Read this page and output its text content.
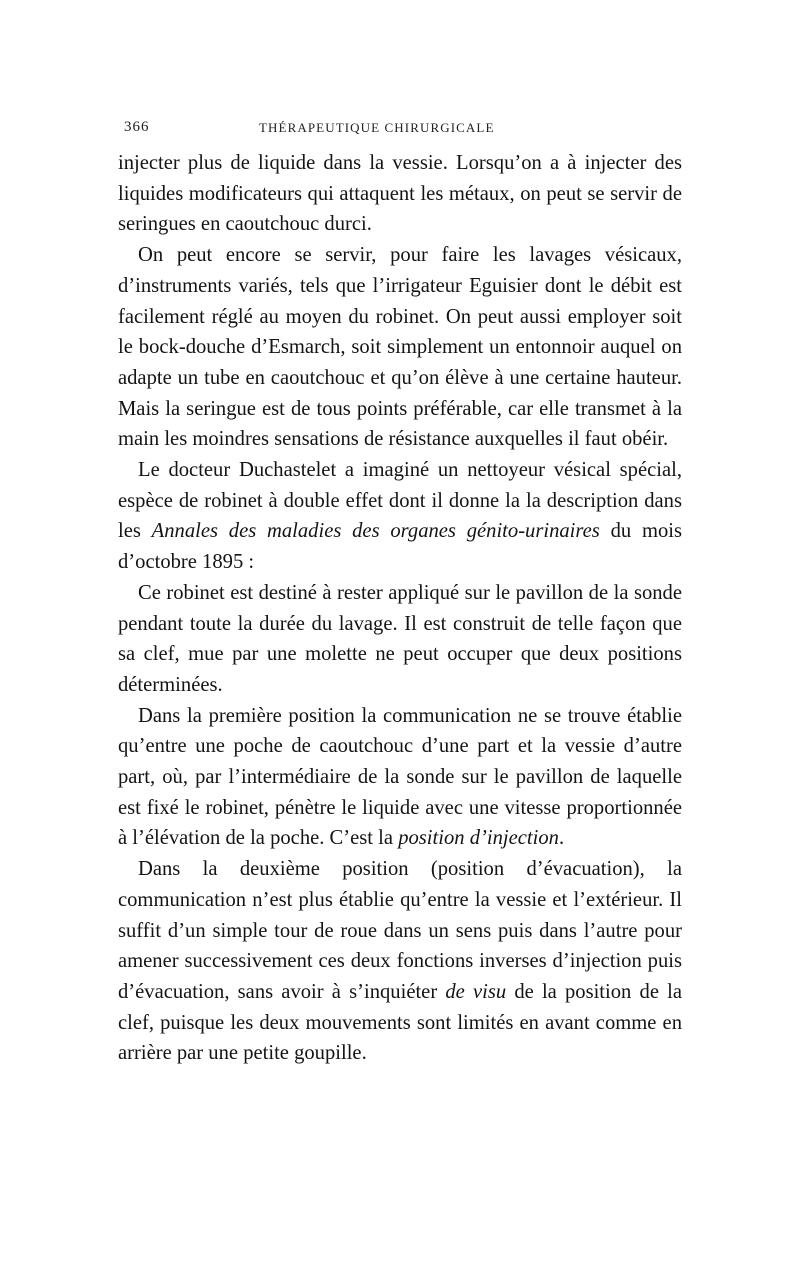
366	THÉRAPEUTIQUE CHIRURGICALE

injecter plus de liquide dans la vessie. Lorsqu’on a à injecter des liquides modificateurs qui attaquent les métaux, on peut se servir de seringues en caoutchouc durci.

On peut encore se servir, pour faire les lavages vésicaux, d’instruments variés, tels que l’irrigateur Eguisier dont le débit est facilement réglé au moyen du robinet. On peut aussi employer soit le bock-douche d’Esmarch, soit simplement un entonnoir auquel on adapte un tube en caoutchouc et qu’on élève à une certaine hauteur. Mais la seringue est de tous points préférable, car elle transmet à la main les moindres sensations de résistance auxquelles il faut obéir.

Le docteur Duchastelet a imaginé un nettoyeur vésical spécial, espèce de robinet à double effet dont il donne la la description dans les Annales des maladies des organes génito-urinaires du mois d’octobre 1895 :

Ce robinet est destiné à rester appliqué sur le pavillon de la sonde pendant toute la durée du lavage. Il est construit de telle façon que sa clef, mue par une molette ne peut occuper que deux positions déterminées.

Dans la première position la communication ne se trouve établie qu’entre une poche de caoutchouc d’une part et la vessie d’autre part, où, par l’intermédiaire de la sonde sur le pavillon de laquelle est fixé le robinet, pénètre le liquide avec une vitesse proportionnée à l’élévation de la poche. C’est la position d’injection.

Dans la deuxième position (position d’évacuation), la communication n’est plus établie qu’entre la vessie et l’extérieur. Il suffit d’un simple tour de roue dans un sens puis dans l’autre pour amener successivement ces deux fonctions inverses d’injection puis d’évacuation, sans avoir à s’inquiéter de visu de la position de la clef, puisque les deux mouvements sont limités en avant comme en arrière par une petite goupille.
